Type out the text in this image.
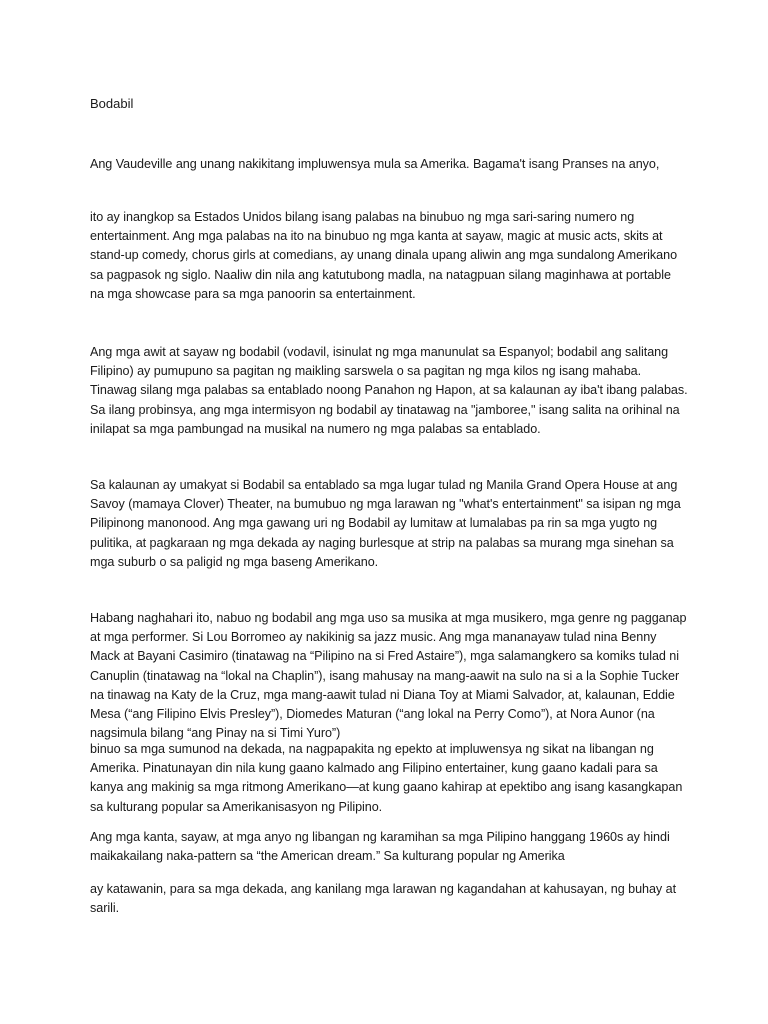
Bodabil

Ang Vaudeville ang unang nakikitang impluwensya mula sa Amerika. Bagama't isang Pranses na anyo,

ito ay inangkop sa Estados Unidos bilang isang palabas na binubuo ng mga sari-saring numero ng entertainment. Ang mga palabas na ito na binubuo ng mga kanta at sayaw, magic at music acts, skits at stand-up comedy, chorus girls at comedians, ay unang dinala upang aliwin ang mga sundalong Amerikano sa pagpasok ng siglo. Naaliw din nila ang katutubong madla, na natagpuan silang maginhawa at portable na mga showcase para sa mga panoorin sa entertainment.

Ang mga awit at sayaw ng bodabil (vodavil, isinulat ng mga manunulat sa Espanyol; bodabil ang salitang Filipino) ay pumupuno sa pagitan ng maikling sarswela o sa pagitan ng mga kilos ng isang mahaba. Tinawag silang mga palabas sa entablado noong Panahon ng Hapon, at sa kalaunan ay iba't ibang palabas. Sa ilang probinsya, ang mga intermisyon ng bodabil ay tinatawag na "jamboree," isang salita na orihinal na inilapat sa mga pambungad na musikal na numero ng mga palabas sa entablado.

Sa kalaunan ay umakyat si Bodabil sa entablado sa mga lugar tulad ng Manila Grand Opera House at ang Savoy (mamaya Clover) Theater, na bumubuo ng mga larawan ng "what's entertainment" sa isipan ng mga Pilipinong manonood. Ang mga gawang uri ng Bodabil ay lumitaw at lumalabas pa rin sa mga yugto ng pulitika, at pagkaraan ng mga dekada ay naging burlesque at strip na palabas sa murang mga sinehan sa mga suburb o sa paligid ng mga baseng Amerikano.

Habang naghahari ito, nabuo ng bodabil ang mga uso sa musika at mga musikero, mga genre ng pagganap at mga performer. Si Lou Borromeo ay nakikinig sa jazz music. Ang mga mananayaw tulad nina Benny Mack at Bayani Casimiro (tinatawag na “Pilipino na si Fred Astaire”), mga salamangkero sa komiks tulad ni Canuplin (tinatawag na “lokal na Chaplin”), isang mahusay na mang-aawit na sulo na si a la Sophie Tucker na tinawag na Katy de la Cruz, mga mang-aawit tulad ni Diana Toy at Miami Salvador, at, kalaunan, Eddie Mesa (“ang Filipino Elvis Presley”), Diomedes Maturan (“ang lokal na Perry Como”), at Nora Aunor (na nagsimula bilang “ang Pinay na si Timi Yuro”)

binuo sa mga sumunod na dekada, na nagpapakita ng epekto at impluwensya ng sikat na libangan ng Amerika. Pinatunayan din nila kung gaano kalmado ang Filipino entertainer, kung gaano kadali para sa kanya ang makinig sa mga ritmong Amerikano—at kung gaano kahirap at epektibo ang isang kasangkapan sa kulturang popular sa Amerikanisasyon ng Pilipino.

Ang mga kanta, sayaw, at mga anyo ng libangan ng karamihan sa mga Pilipino hanggang 1960s ay hindi maikakailang naka-pattern sa “the American dream.” Sa kulturang popular ng Amerika

ay katawanin, para sa mga dekada, ang kanilang mga larawan ng kagandahan at kahusayan, ng buhay at sarili.
